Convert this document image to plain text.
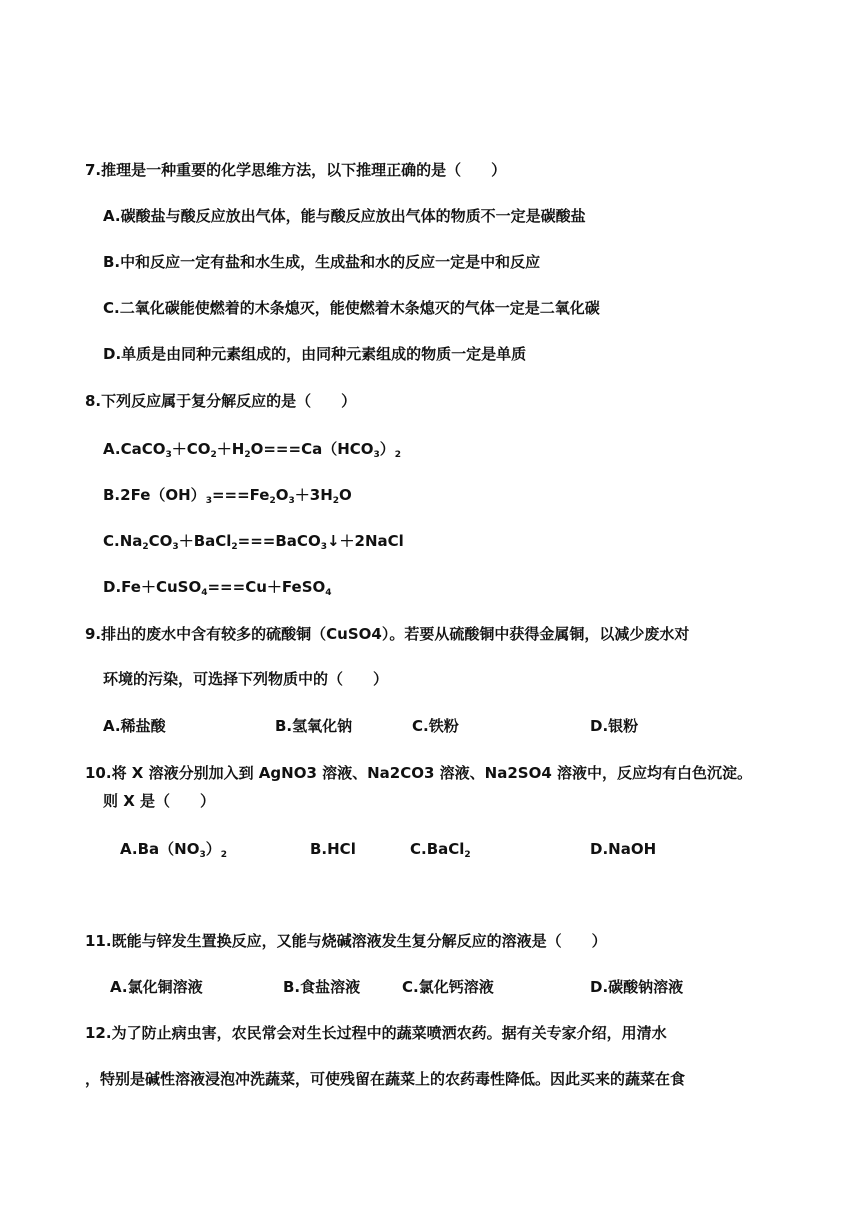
7.推理是一种重要的化学思维方法，以下推理正确的是（　　）
A.碳酸盐与酸反应放出气体，能与酸反应放出气体的物质不一定是碳酸盐
B.中和反应一定有盐和水生成，生成盐和水的反应一定是中和反应
C.二氧化碳能使燃着的木条熄灭，能使燃着木条熄灭的气体一定是二氧化碳
D.单质是由同种元素组成的，由同种元素组成的物质一定是单质
8.下列反应属于复分解反应的是（　　）
$A.CaCO_3+CO_2+H_2O===Ca(HCO_3)_2$
$B.2Fe(OH)_3===Fe_2O_3+3H_2O$
$C.Na_2CO_3+BaCl_2===BaCO_3↓+2NaCl$
D.Fe＋CuSO$_4$===Cu＋FeSO$_4$
9.排出的废水中含有较多的硫酸铜（CuSO4）。若要从硫酸铜中获得金属铜，以减少废水对
环境的污染，可选择下列物质中的（　　）
A.稀盐酸	B.氢氧化钠	C.铁粉	D.银粉
10.将 X 溶液分别加入到 AgNO3 溶液、Na2CO3 溶液、Na2SO4 溶液中，反应均有白色沉淀。
则 X 是（　　）
$A.Ba(NO_3)_2$	B.HCl	C.BaCl$_2$	D.NaOH
11.既能与锌发生置换反应，又能与烧碱溶液发生复分解反应的溶液是（　　）
A.氯化铜溶液	B.食盐溶液	C.氯化钙溶液	D.碳酸钠溶液
12.为了防止病虫害，农民常会对生长过程中的蔬菜喷洒农药。据有关专家介绍，用清水
，特别是碱性溶液浸泡冲洗蔬菜，可使残留在蔬菜上的农药毒性降低。因此买来的蔬菜在食
